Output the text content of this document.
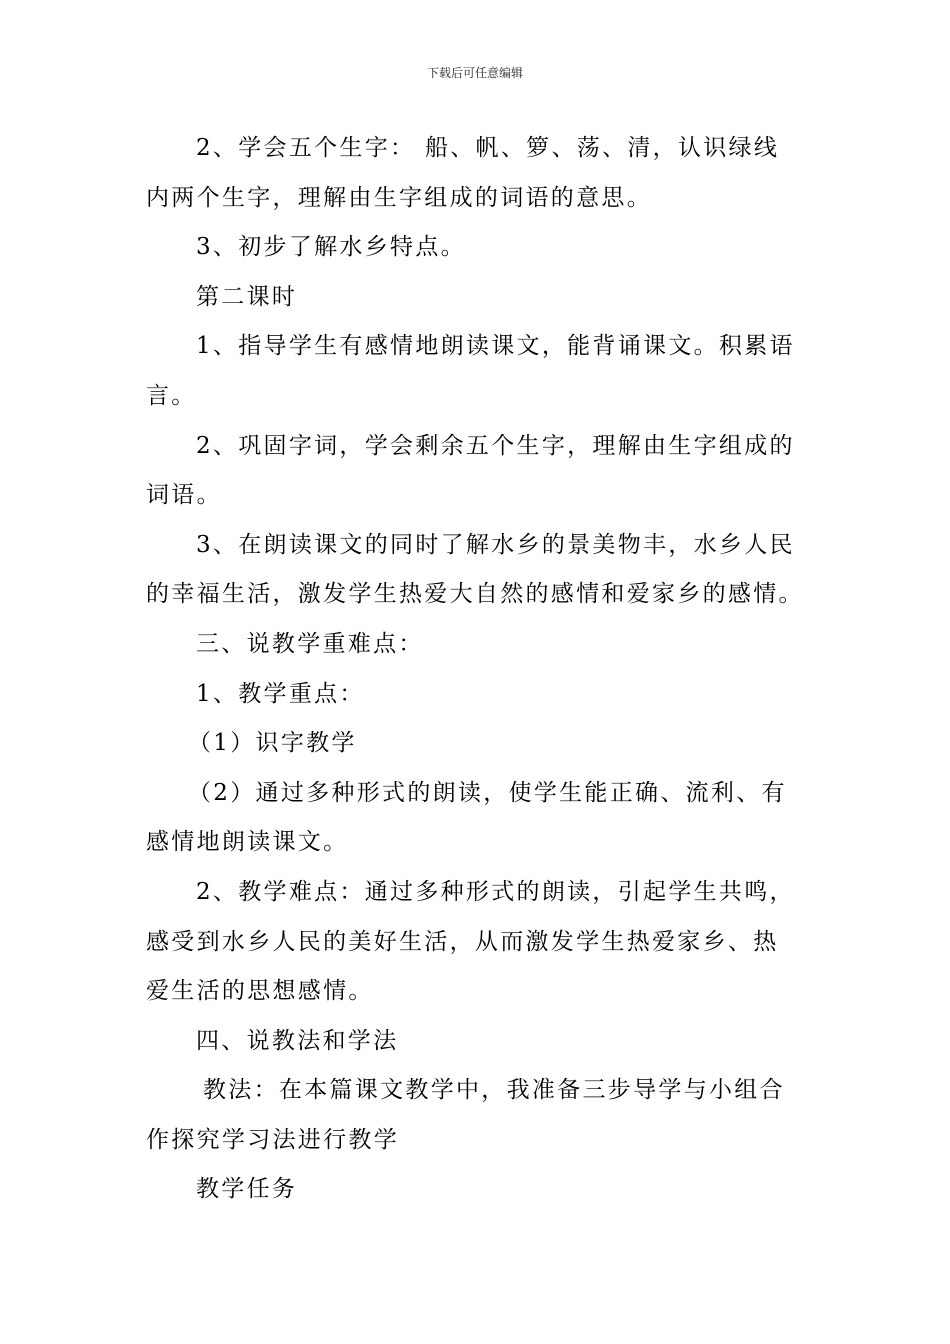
下载后可任意编辑

2、学会五个生字： 船、帆、箩、荡、清，认识绿线

内两个生字，理解由生字组成的词语的意思。

3、初步了解水乡特点。

第二课时

1、指导学生有感情地朗读课文，能背诵课文。积累语

言。

2、巩固字词，学会剩余五个生字，理解由生字组成的

词语。

3、在朗读课文的同时了解水乡的景美物丰，水乡人民

的幸福生活，激发学生热爱大自然的感情和爱家乡的感情。

三、说教学重难点：

1、教学重点：

（1）识字教学

（2）通过多种形式的朗读，使学生能正确、流利、有

感情地朗读课文。

2、教学难点：通过多种形式的朗读，引起学生共鸣，

感受到水乡人民的美好生活，从而激发学生热爱家乡、热

爱生活的思想感情。

四、说教法和学法

教法：在本篇课文教学中，我准备三步导学与小组合

作探究学习法进行教学

教学任务
